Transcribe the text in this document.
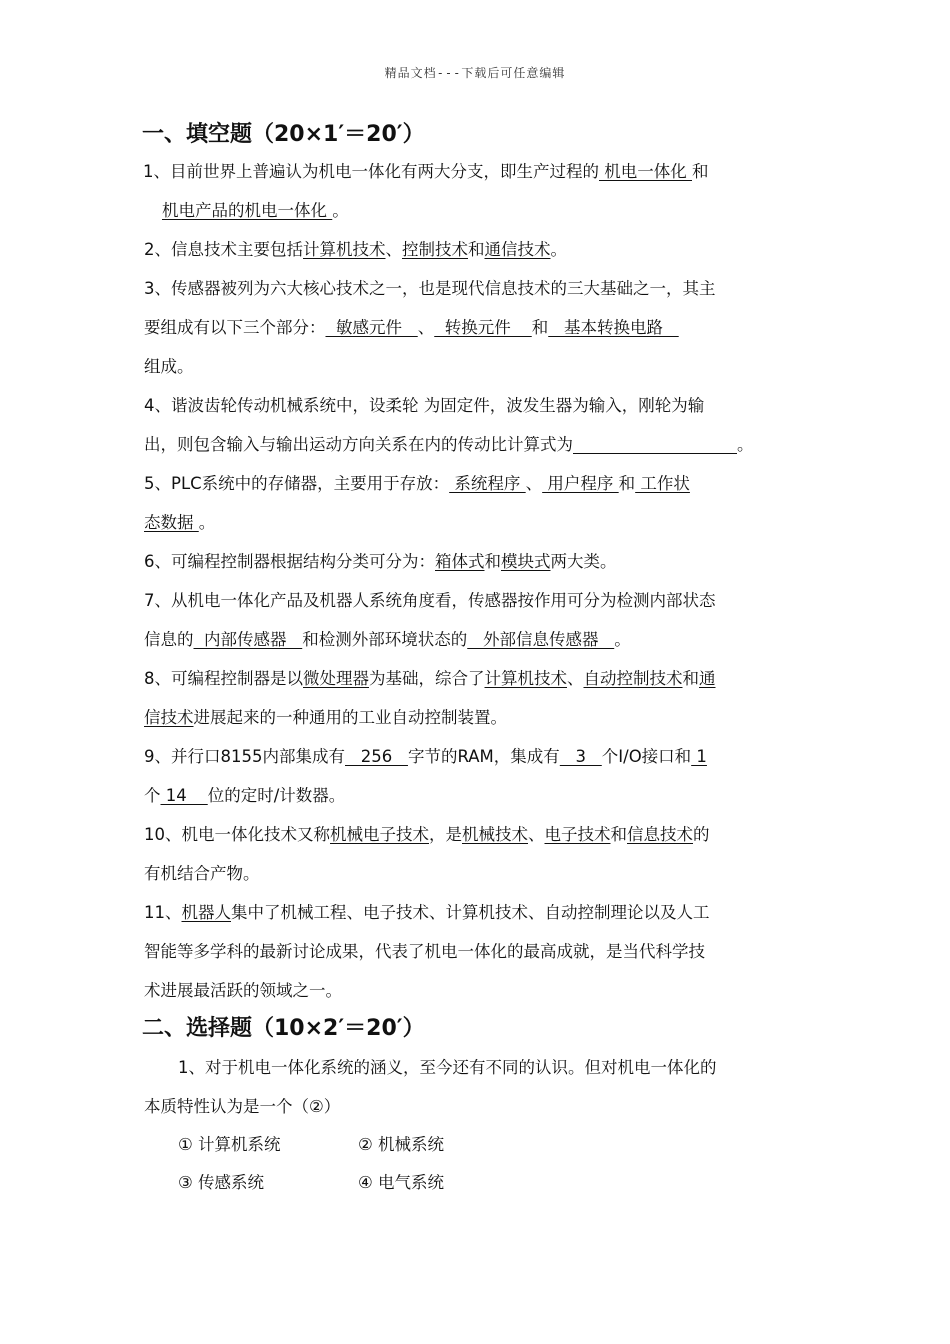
精品文档---下载后可任意编辑
一、填空题（20×1′＝20′）
1、目前世界上普遍认为机电一体化有两大分支，即生产过程的 机电一体化 和
机电产品的机电一体化 。
2、信息技术主要包括计算机技术、控制技术和通信技术。
3、传感器被列为六大核心技术之一，也是现代信息技术的三大基础之一，其主
要组成有以下三个部分：  敏感元件   、  转换元件    和   基本转换电路
组成。
4、谐波齿轮传动机械系统中，设柔轮 为固定件，波发生器为输入，刚轮为输
出，则包含输入与输出运动方向关系在内的传动比计算式为	。
5、PLC系统中的存储器，主要用于存放： 系统程序 、 用户程序 和 工作状
态数据 。
6、可编程控制器根据结构分类可分为：箱体式和模块式两大类。
7、从机电一体化产品及机器人系统角度看，传感器按作用可分为检测内部状态
信息的  内部传感器   和检测外部环境状态的   外部信息传感器   。
8、可编程控制器是以微处理器为基础，综合了计算机技术、自动控制技术和通
信技术进展起来的一种通用的工业自动控制装置。
9、并行口8155内部集成有   256   字节的RAM，集成有   3   个I/O接口和 1
个 14    位的定时/计数器。
10、机电一体化技术又称机械电子技术，是机械技术、电子技术和信息技术的
有机结合产物。
11、机器人集中了机械工程、电子技术、计算机技术、自动控制理论以及人工
智能等多学科的最新讨论成果，代表了机电一体化的最高成就，是当代科学技
术进展最活跃的领域之一。
二、选择题（10×2′＝20′）
1、对于机电一体化系统的涵义，至今还有不同的认识。但对机电一体化的
本质特性认为是一个（②）
① 计算机系统	② 机械系统
③ 传感系统	④ 电气系统
